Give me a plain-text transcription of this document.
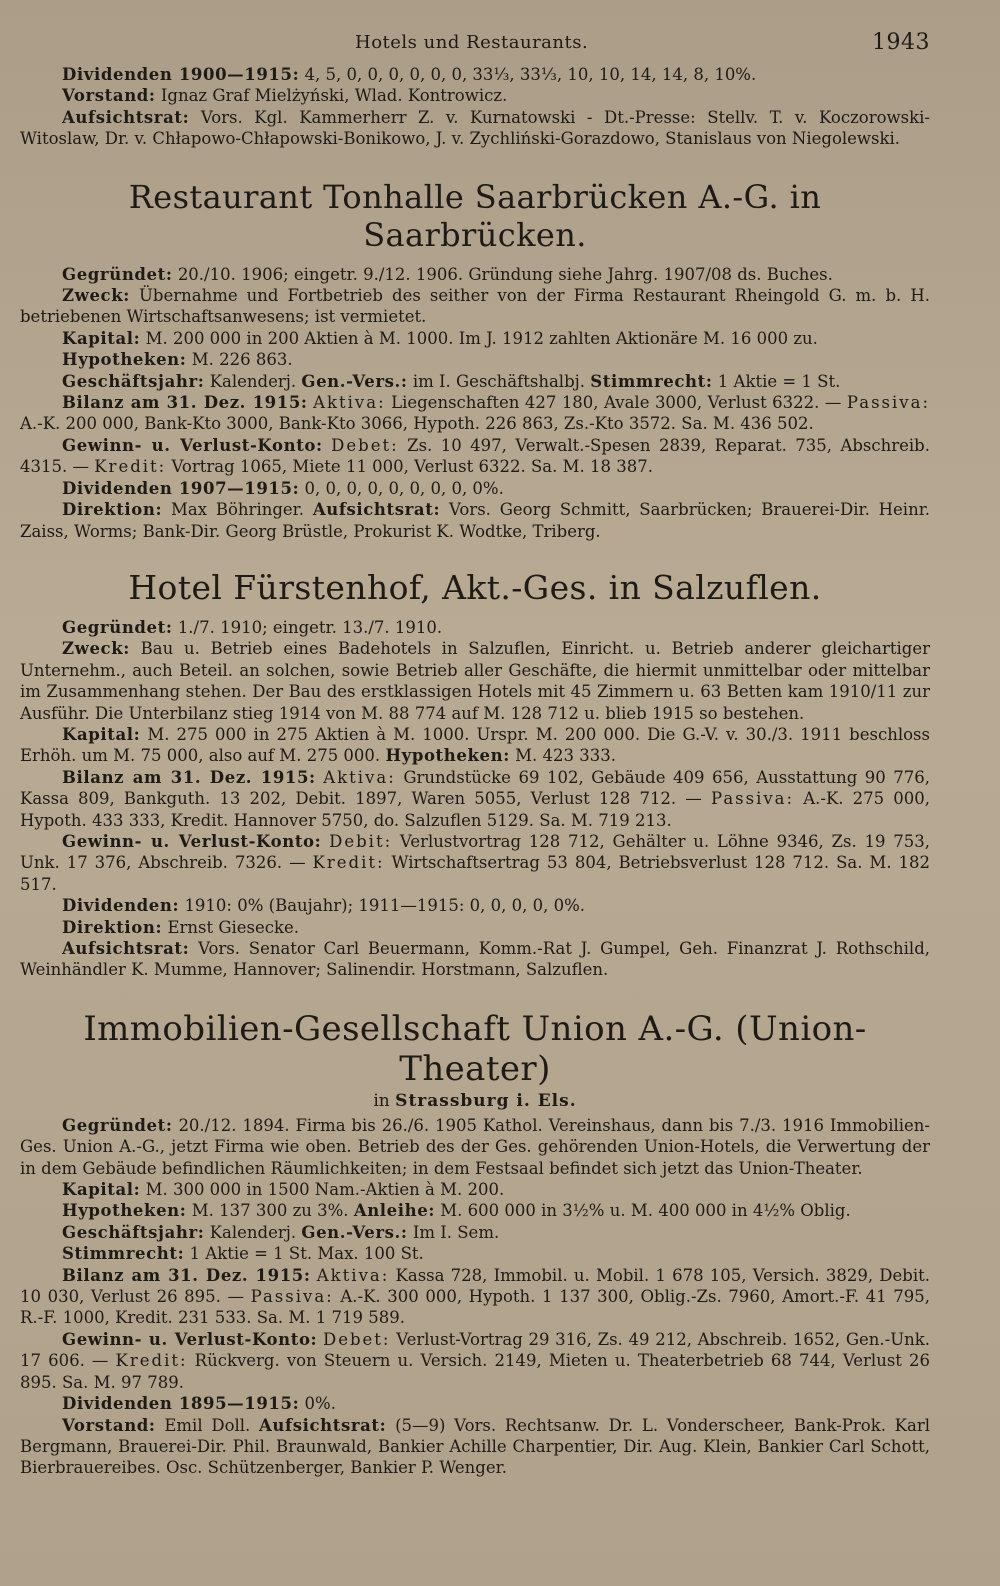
Hotels und Restaurants.	1943

Dividenden 1900—1915: 4, 5, 0, 0, 0, 0, 0, 0, 33⅓, 33⅓, 10, 10, 14, 14, 8, 10%.

Vorstand: Ignaz Graf Mielżyński, Wlad. Kontrowicz.

Aufsichtsrat: Vors. Kgl. Kammerherr Z. v. Kurnatowski - Dt.-Presse: Stellv. T. v. Koczorowski-Witoslaw, Dr. v. Chłapowo-Chłapowski-Bonikowo, J. v. Zychliński-Gorazdowo, Stanislaus von Niegolewski.

Restaurant Tonhalle Saarbrücken A.-G. in Saarbrücken.

Gegründet: 20./10. 1906; eingetr. 9./12. 1906. Gründung siehe Jahrg. 1907/08 ds. Buches.

Zweck: Übernahme und Fortbetrieb des seither von der Firma Restaurant Rheingold G. m. b. H. betriebenen Wirtschaftsanwesens; ist vermietet.

Kapital: M. 200 000 in 200 Aktien à M. 1000. Im J. 1912 zahlten Aktionäre M. 16 000 zu.

Hypotheken: M. 226 863.

Geschäftsjahr: Kalenderj. Gen.-Vers.: im I. Geschäftshalbj. Stimmrecht: 1 Aktie = 1 St.

Bilanz am 31. Dez. 1915: Aktiva: Liegenschaften 427 180, Avale 3000, Verlust 6322. — Passiva: A.-K. 200 000, Bank-Kto 3000, Bank-Kto 3066, Hypoth. 226 863, Zs.-Kto 3572. Sa. M. 436 502.

Gewinn- u. Verlust-Konto: Debet: Zs. 10 497, Verwalt.-Spesen 2839, Reparat. 735, Abschreib. 4315. — Kredit: Vortrag 1065, Miete 11 000, Verlust 6322. Sa. M. 18 387.

Dividenden 1907—1915: 0, 0, 0, 0, 0, 0, 0, 0, 0%.

Direktion: Max Böhringer. Aufsichtsrat: Vors. Georg Schmitt, Saarbrücken; Brauerei-Dir. Heinr. Zaiss, Worms; Bank-Dir. Georg Brüstle, Prokurist K. Wodtke, Triberg.

Hotel Fürstenhof, Akt.-Ges. in Salzuflen.

Gegründet: 1./7. 1910; eingetr. 13./7. 1910.

Zweck: Bau u. Betrieb eines Badehotels in Salzuflen, Einricht. u. Betrieb anderer gleichartiger Unternehm., auch Beteil. an solchen, sowie Betrieb aller Geschäfte, die hiermit unmittelbar oder mittelbar im Zusammenhang stehen. Der Bau des erstklassigen Hotels mit 45 Zimmern u. 63 Betten kam 1910/11 zur Ausführ. Die Unterbilanz stieg 1914 von M. 88 774 auf M. 128 712 u. blieb 1915 so bestehen.

Kapital: M. 275 000 in 275 Aktien à M. 1000. Urspr. M. 200 000. Die G.-V. v. 30./3. 1911 beschloss Erhöh. um M. 75 000, also auf M. 275 000. Hypotheken: M. 423 333.

Bilanz am 31. Dez. 1915: Aktiva: Grundstücke 69 102, Gebäude 409 656, Ausstattung 90 776, Kassa 809, Bankguth. 13 202, Debit. 1897, Waren 5055, Verlust 128 712. — Passiva: A.-K. 275 000, Hypoth. 433 333, Kredit. Hannover 5750, do. Salzuflen 5129. Sa. M. 719 213.

Gewinn- u. Verlust-Konto: Debit: Verlustvortrag 128 712, Gehälter u. Löhne 9346, Zs. 19 753, Unk. 17 376, Abschreib. 7326. — Kredit: Wirtschaftsertrag 53 804, Betriebsverlust 128 712. Sa. M. 182 517.

Dividenden: 1910: 0% (Baujahr); 1911—1915: 0, 0, 0, 0, 0%.

Direktion: Ernst Giesecke.

Aufsichtsrat: Vors. Senator Carl Beuermann, Komm.-Rat J. Gumpel, Geh. Finanzrat J. Rothschild, Weinhändler K. Mumme, Hannover; Salinendir. Horstmann, Salzuflen.

Immobilien-Gesellschaft Union A.-G. (Union-Theater)
in Strassburg i. Els.

Gegründet: 20./12. 1894. Firma bis 26./6. 1905 Kathol. Vereinshaus, dann bis 7./3. 1916 Immobilien-Ges. Union A.-G., jetzt Firma wie oben. Betrieb des der Ges. gehörenden Union-Hotels, die Verwertung der in dem Gebäude befindlichen Räumlichkeiten; in dem Festsaal befindet sich jetzt das Union-Theater.

Kapital: M. 300 000 in 1500 Nam.-Aktien à M. 200.

Hypotheken: M. 137 300 zu 3%. Anleihe: M. 600 000 in 3½% u. M. 400 000 in 4½% Oblig.

Geschäftsjahr: Kalenderj. Gen.-Vers.: Im I. Sem.

Stimmrecht: 1 Aktie = 1 St. Max. 100 St.

Bilanz am 31. Dez. 1915: Aktiva: Kassa 728, Immobil. u. Mobil. 1 678 105, Versich. 3829, Debit. 10 030, Verlust 26 895. — Passiva: A.-K. 300 000, Hypoth. 1 137 300, Oblig.-Zs. 7960, Amort.-F. 41 795, R.-F. 1000, Kredit. 231 533. Sa. M. 1 719 589.

Gewinn- u. Verlust-Konto: Debet: Verlust-Vortrag 29 316, Zs. 49 212, Abschreib. 1652, Gen.-Unk. 17 606. — Kredit: Rückverg. von Steuern u. Versich. 2149, Mieten u. Theaterbetrieb 68 744, Verlust 26 895. Sa. M. 97 789.

Dividenden 1895—1915: 0%.

Vorstand: Emil Doll. Aufsichtsrat: (5—9) Vors. Rechtsanw. Dr. L. Vonderscheer, Bank-Prok. Karl Bergmann, Brauerei-Dir. Phil. Braunwald, Bankier Achille Charpentier, Dir. Aug. Klein, Bankier Carl Schott, Bierbrauereibes. Osc. Schützenberger, Bankier P. Wenger.
